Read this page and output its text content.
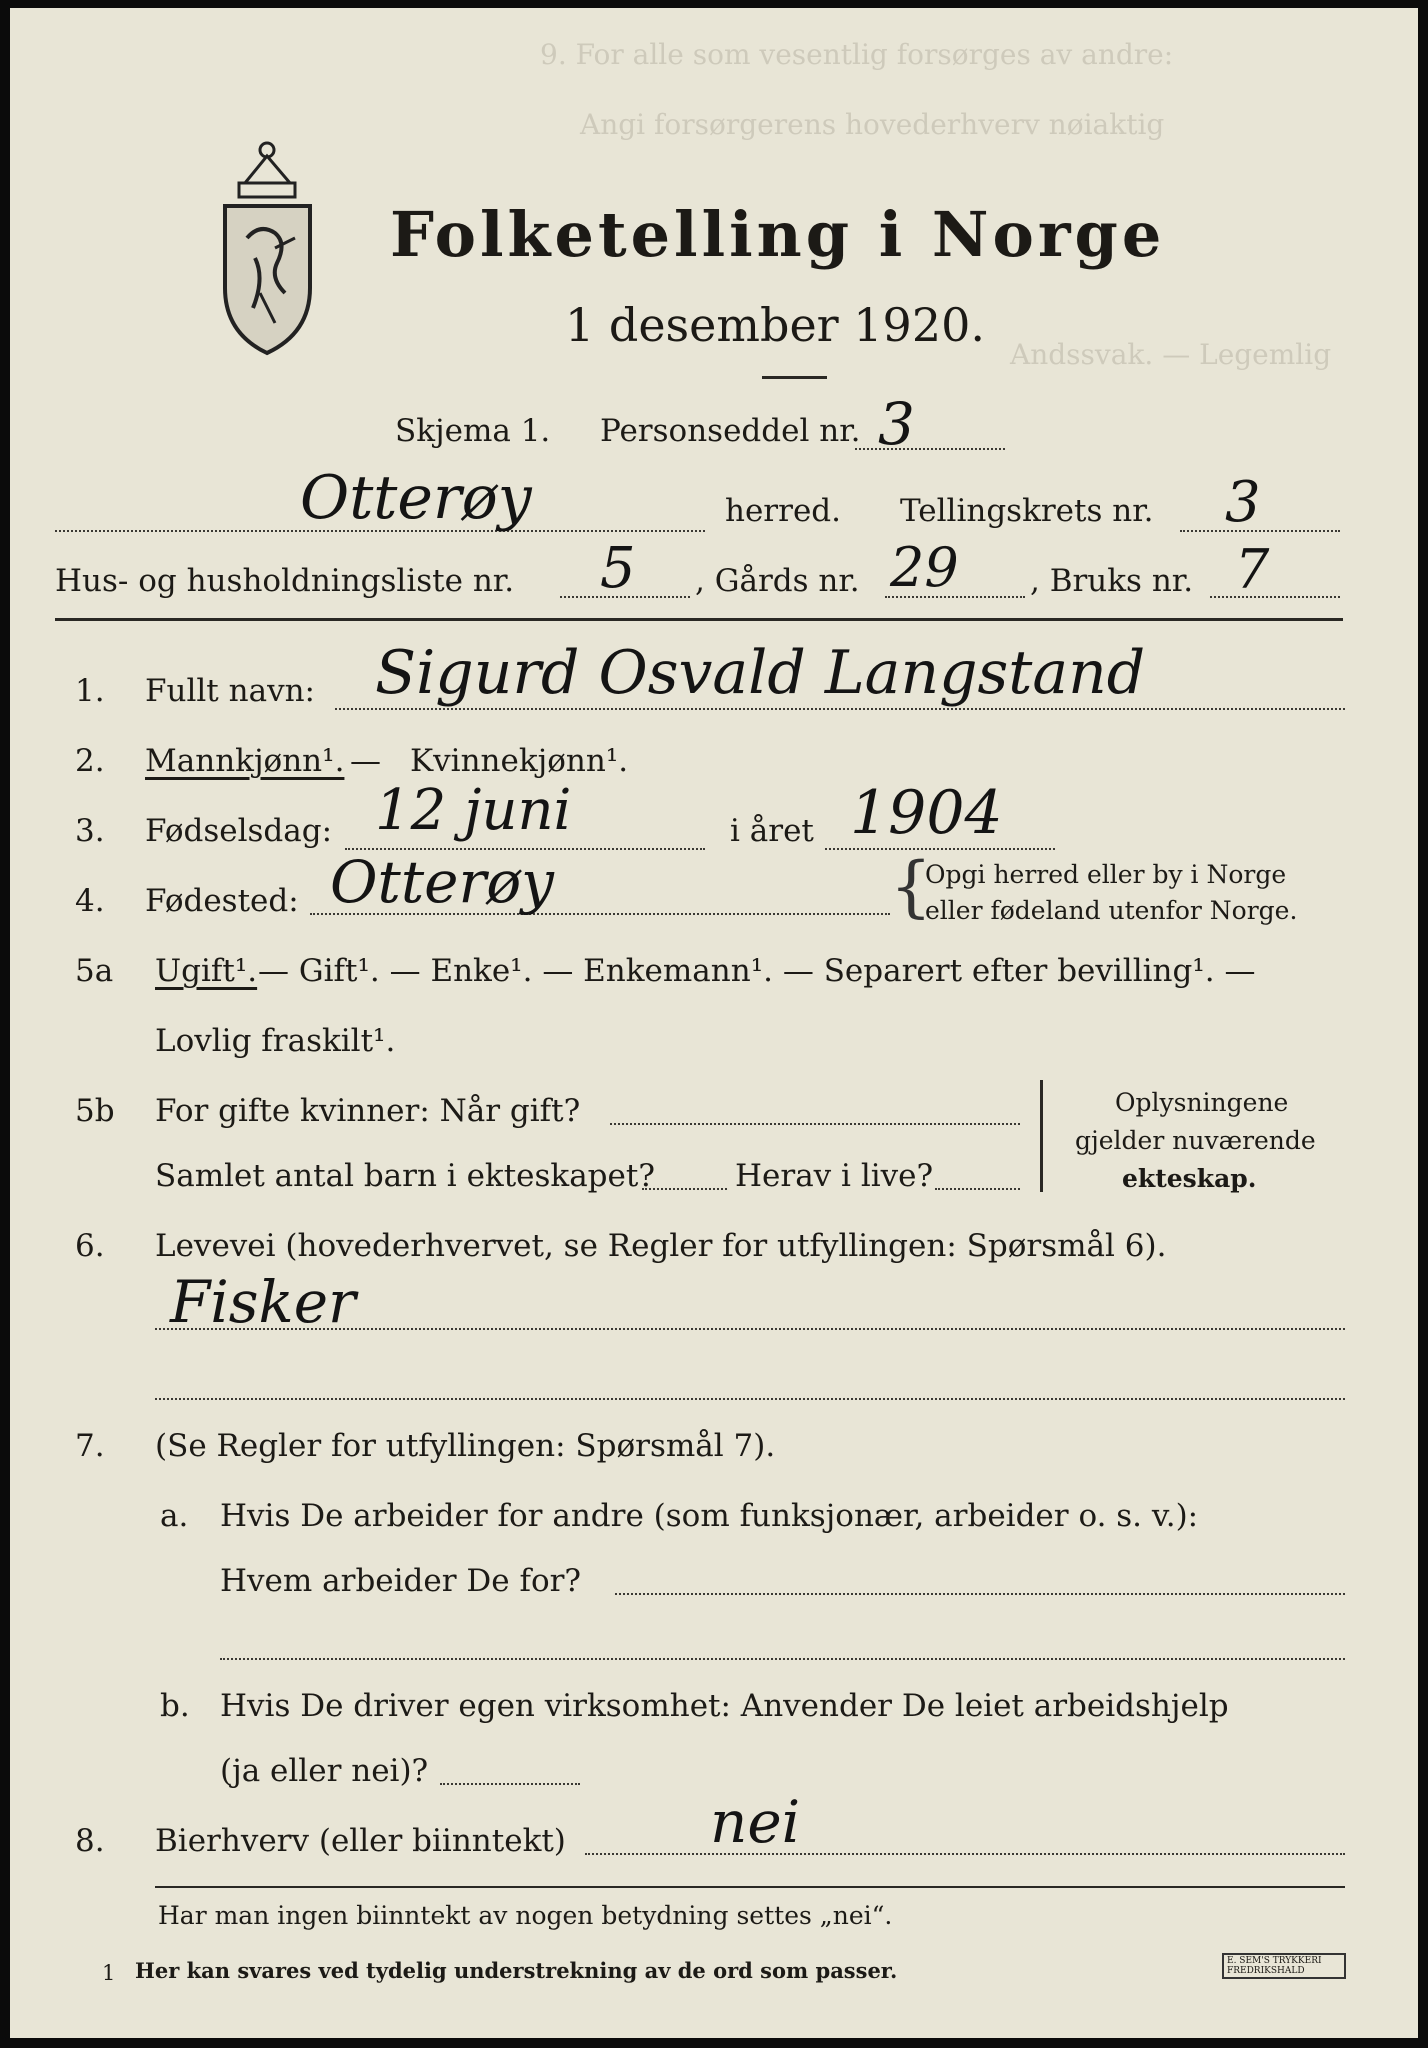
9. For alle som vesentlig forsørges av andre:
Angi forsørgerens hovederhverv nøiaktig
Andssvak. — Legemlig
Folketelling i Norge
1 desember 1920.
Skjema 1. Personseddel nr. 3
Otterøy	herred. Tellingskrets nr. 3
Hus- og husholdningsliste nr. 5 , Gårds nr. 29 , Bruks nr. 7
1. Fullt navn: Sigurd Osvald Langstand
2. Mannkjønn¹. — Kvinnekjønn¹.
3. Fødselsdag: 12 juni	i året 1904
4. Fødested: Otterøy	{
Opgi herred eller by i Norge
eller fødeland utenfor Norge.
5a Ugift¹. — Gift¹. — Enke¹. — Enkemann¹. — Separert efter bevilling¹. —
Lovlig fraskilt¹.
5b For gifte kvinner: Når gift?
Samlet antal barn i ekteskapet?	Herav i live?
Oplysningene
gjelder nuværende
ekteskap.
6. Levevei (hovederhvervet, se Regler for utfyllingen: Spørsmål 6).
Fisker
7. (Se Regler for utfyllingen: Spørsmål 7).
a. Hvis De arbeider for andre (som funksjonær, arbeider o. s. v.):
Hvem arbeider De for?
b. Hvis De driver egen virksomhet: Anvender De leiet arbeidshjelp
(ja eller nei)?
8. Bierhverv (eller biinntekt) nei
Har man ingen biinntekt av nogen betydning settes „nei“.
1 Her kan svares ved tydelig understrekning av de ord som passer.	E. SEM'S TRYKKERI FREDRIKSHALD
